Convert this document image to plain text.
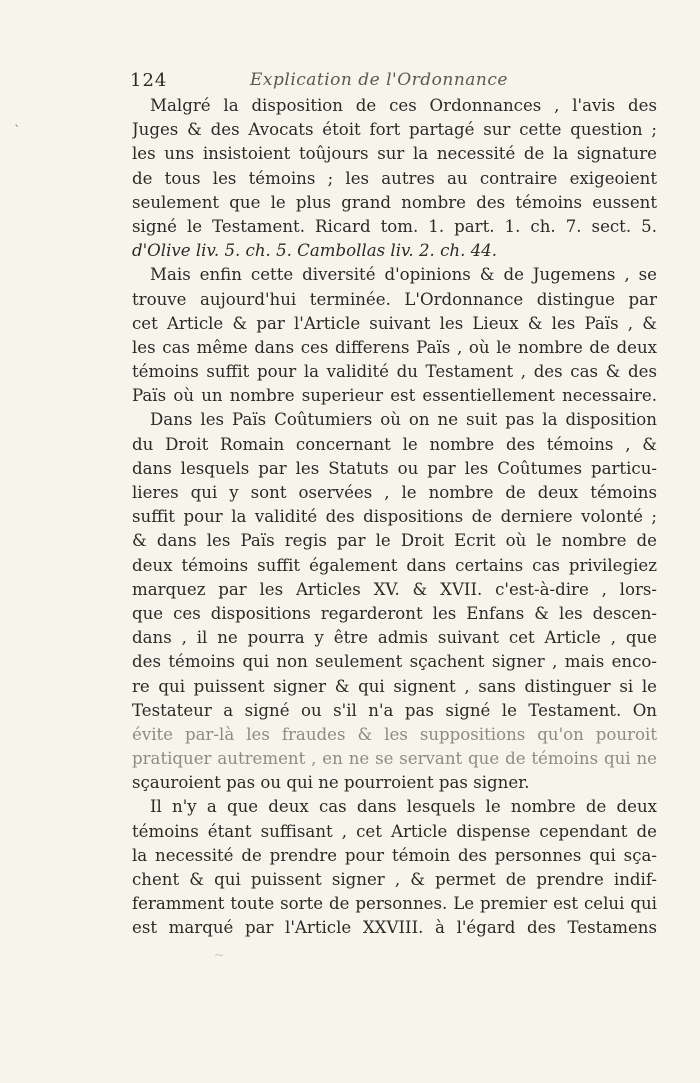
`
124	Explication de l'Ordonnance
Malgré la disposition de ces Ordonnances , l'avis des
Juges & des Avocats étoit fort partagé sur cette question ;
les uns insistoient toûjours sur la necessité de la signature
de tous les témoins ; les autres au contraire exigeoient
seulement que le plus grand nombre des témoins eussent
signé le Testament. Ricard tom. 1. part. 1. ch. 7. sect. 5.
d'Olive liv. 5. ch. 5. Cambollas liv. 2. ch. 44.
Mais enfin cette diversité d'opinions & de Jugemens , se
trouve aujourd'hui terminée. L'Ordonnance distingue par
cet Article & par l'Article suivant les Lieux & les Païs , &
les cas même dans ces differens Païs , où le nombre de deux
témoins suffit pour la validité du Testament , des cas & des
Païs où un nombre superieur est essentiellement necessaire.
Dans les Païs Coûtumiers où on ne suit pas la disposition
du Droit Romain concernant le nombre des témoins , &
dans lesquels par les Statuts ou par les Coûtumes particu-
lieres qui y sont oservées , le nombre de deux témoins
suffit pour la validité des dispositions de derniere volonté ;
& dans les Païs regis par le Droit Ecrit où le nombre de
deux témoins suffit également dans certains cas privilegiez
marquez par les Articles XV. & XVII. c'est-à-dire , lors-
que ces dispositions regarderont les Enfans & les descen-
dans , il ne pourra y être admis suivant cet Article , que
des témoins qui non seulement sçachent signer , mais enco-
re qui puissent signer & qui signent , sans distinguer si le
Testateur a signé ou s'il n'a pas signé le Testament. On
évite par-là les fraudes & les suppositions qu'on pouroit
pratiquer autrement , en ne se servant que de témoins qui ne
sçauroient pas ou qui ne pourroient pas signer.
Il n'y a que deux cas dans lesquels le nombre de deux
témoins étant suffisant , cet Article dispense cependant de
la necessité de prendre pour témoin des personnes qui sça-
chent & qui puissent signer , & permet de prendre indif-
feramment toute sorte de personnes. Le premier est celui qui
est marqué par l'Article XXVIII. à l'égard des Testamens
~
